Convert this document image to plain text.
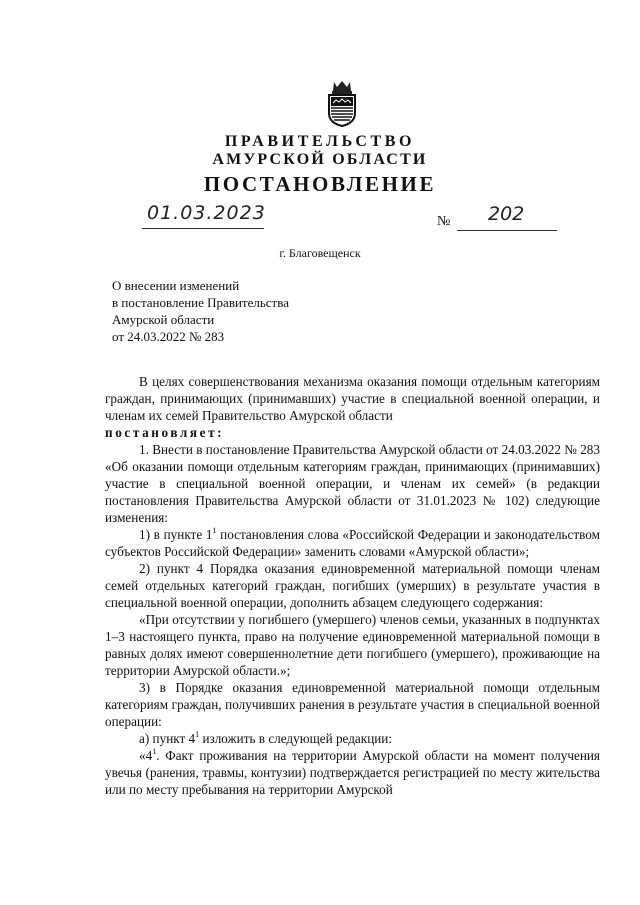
ПРАВИТЕЛЬСТВО
АМУРСКОЙ ОБЛАСТИ
ПОСТАНОВЛЕНИЕ
01.03.2023	№ 202
г. Благовещенск
О внесении изменений
в постановление Правительства
Амурской области
от 24.03.2022 № 283

В целях совершенствования механизма оказания помощи отдельным категориям граждан, принимающих (принимавших) участие в специальной военной операции, и членам их семей Правительство Амурской области

постановляет:

1. Внести в постановление Правительства Амурской области от 24.03.2022 № 283 «Об оказании помощи отдельным категориям граждан, принимающих (принимавших) участие в специальной военной операции, и членам их семей» (в редакции постановления Правительства Амурской области от 31.01.2023 № 102) следующие изменения:

1) в пункте $1^1$ постановления слова «Российской Федерации и законодательством субъектов Российской Федерации» заменить словами «Амурской области»;

2) пункт 4 Порядка оказания единовременной материальной помощи членам семей отдельных категорий граждан, погибших (умерших) в результате участия в специальной военной операции, дополнить абзацем следующего содержания:

«При отсутствии у погибшего (умершего) членов семьи, указанных в подпунктах 1–3 настоящего пункта, право на получение единовременной материальной помощи в равных долях имеют совершеннолетние дети погибшего (умершего), проживающие на территории Амурской области.»;

3) в Порядке оказания единовременной материальной помощи отдельным категориям граждан, получивших ранения в результате участия в специальной военной операции:

а) пункт $4^1$ изложить в следующей редакции:

«$4^1$. Факт проживания на территории Амурской области на момент получения увечья (ранения, травмы, контузии) подтверждается регистрацией по месту жительства или по месту пребывания на территории Амурской
